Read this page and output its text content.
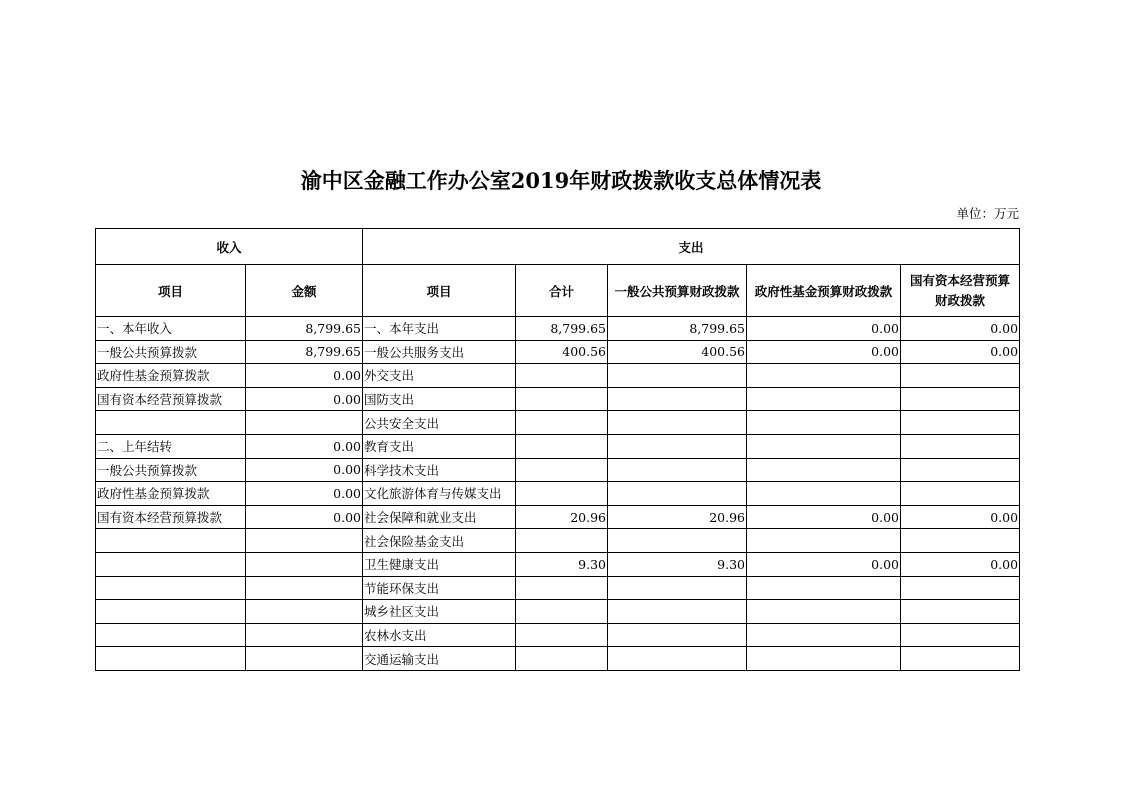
渝中区金融工作办公室2019年财政拨款收支总体情况表
单位：万元
收入		支出				
项目	金额	项目	合计	一般公共预算财政拨款	政府性基金预算财政拨款	国有资本经营预算财政拨款
一、本年收入	8,799.65	一、本年支出	8,799.65	8,799.65	0.00	0.00
一般公共预算拨款	8,799.65	一般公共服务支出	400.56	400.56	0.00	0.00
政府性基金预算拨款	0.00	外交支出				
国有资本经营预算拨款	0.00	国防支出				
		公共安全支出				
二、上年结转	0.00	教育支出				
一般公共预算拨款	0.00	科学技术支出				
政府性基金预算拨款	0.00	文化旅游体育与传媒支出				
国有资本经营预算拨款	0.00	社会保障和就业支出	20.96	20.96	0.00	0.00
		社会保险基金支出				
		卫生健康支出	9.30	9.30	0.00	0.00
		节能环保支出				
		城乡社区支出				
		农林水支出				
		交通运输支出				
